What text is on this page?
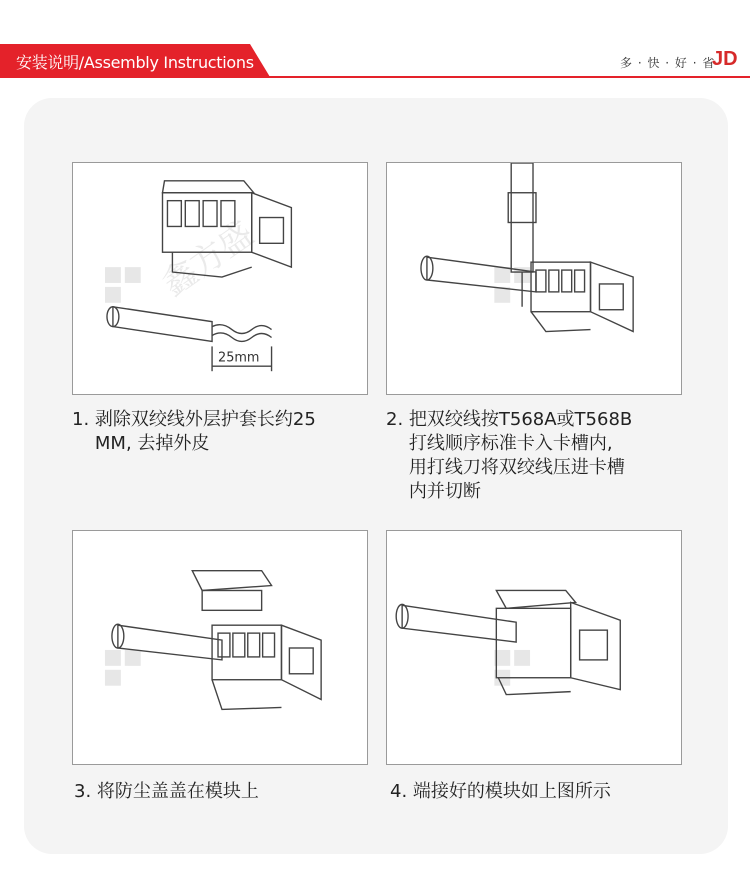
安装说明/Assembly Instructions	多 · 快 · 好 · 省
JD
鑫方盛
25mm
1. 剥除双绞线外层护套长约25
MM, 去掉外皮
2. 把双绞线按T568A或T568B
打线顺序标准卡入卡槽内,
用打线刀将双绞线压进卡槽
内并切断
3. 将防尘盖盖在模块上	4. 端接好的模块如上图所示
